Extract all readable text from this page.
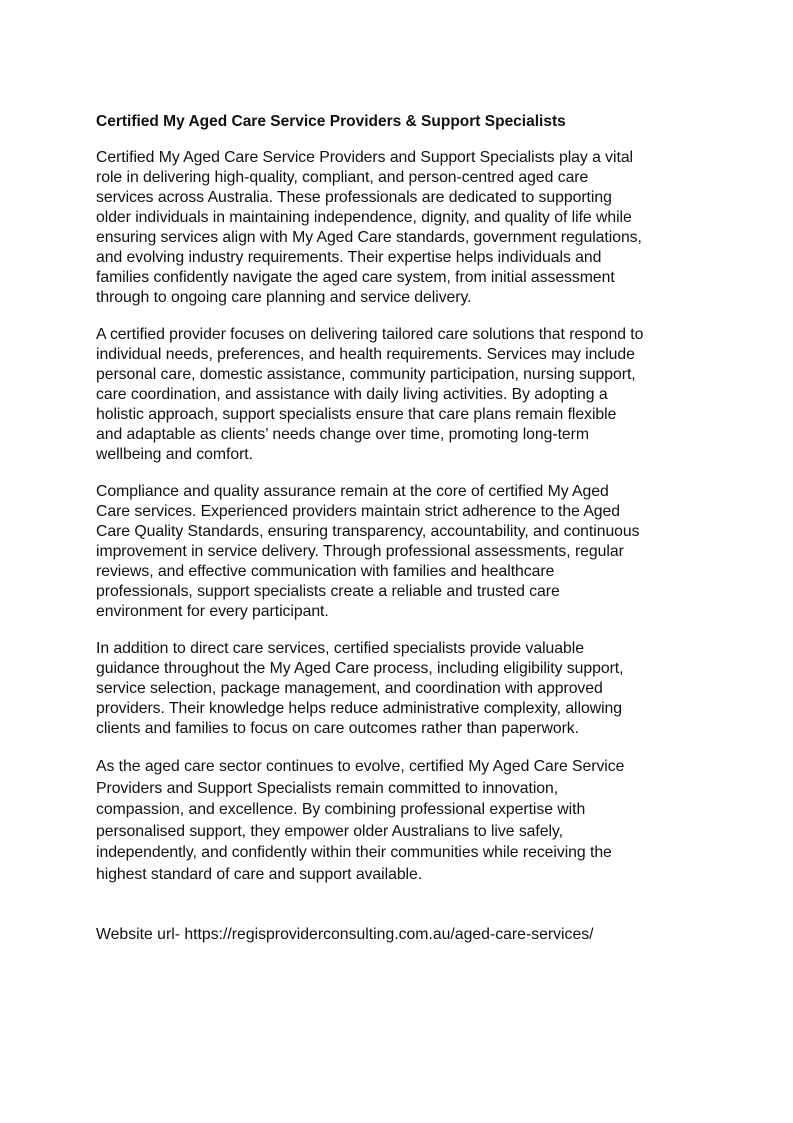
Certified My Aged Care Service Providers & Support Specialists
Certified My Aged Care Service Providers and Support Specialists play a vital
role in delivering high-quality, compliant, and person-centred aged care
services across Australia. These professionals are dedicated to supporting
older individuals in maintaining independence, dignity, and quality of life while
ensuring services align with My Aged Care standards, government regulations,
and evolving industry requirements. Their expertise helps individuals and
families confidently navigate the aged care system, from initial assessment
through to ongoing care planning and service delivery.
A certified provider focuses on delivering tailored care solutions that respond to
individual needs, preferences, and health requirements. Services may include
personal care, domestic assistance, community participation, nursing support,
care coordination, and assistance with daily living activities. By adopting a
holistic approach, support specialists ensure that care plans remain flexible
and adaptable as clients’ needs change over time, promoting long-term
wellbeing and comfort.
Compliance and quality assurance remain at the core of certified My Aged
Care services. Experienced providers maintain strict adherence to the Aged
Care Quality Standards, ensuring transparency, accountability, and continuous
improvement in service delivery. Through professional assessments, regular
reviews, and effective communication with families and healthcare
professionals, support specialists create a reliable and trusted care
environment for every participant.
In addition to direct care services, certified specialists provide valuable
guidance throughout the My Aged Care process, including eligibility support,
service selection, package management, and coordination with approved
providers. Their knowledge helps reduce administrative complexity, allowing
clients and families to focus on care outcomes rather than paperwork.
As the aged care sector continues to evolve, certified My Aged Care Service
Providers and Support Specialists remain committed to innovation,
compassion, and excellence. By combining professional expertise with
personalised support, they empower older Australians to live safely,
independently, and confidently within their communities while receiving the
highest standard of care and support available.
Website url- https://regisproviderconsulting.com.au/aged-care-services/
